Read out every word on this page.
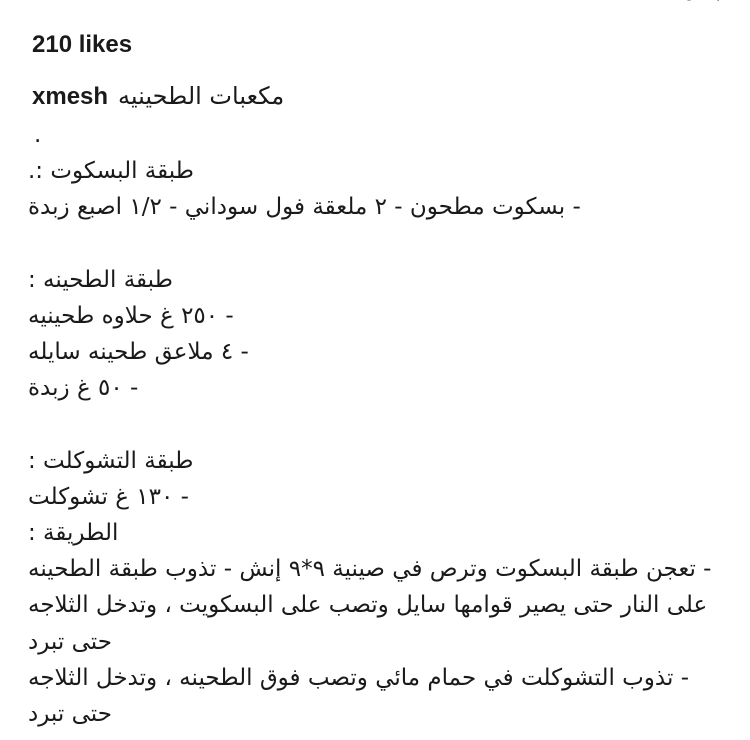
210 likes
xmesh مكعبات الطحينيه
.
طبقة البسكوت :.
- بسكوت مطحون - ٢ ملعقة فول سوداني - ١/٢ اصبع زبدة
طبقة الطحينه :
- ٢٥٠ غ حلاوه طحينيه
- ٤ ملاعق طحينه سايله
- ٥٠ غ زبدة
طبقة التشوكلت :
- ١٣٠ غ تشوكلت
الطريقة :
- تعجن طبقة البسكوت وترص في صينية ٩*٩ إنش - تذوب طبقة الطحينه على النار حتى يصير قوامها سايل وتصب على البسكويت ، وتدخل الثلاجه حتى تبرد
- تذوب التشوكلت في حمام مائي وتصب فوق الطحينه ، وتدخل الثلاجه حتى تبرد
